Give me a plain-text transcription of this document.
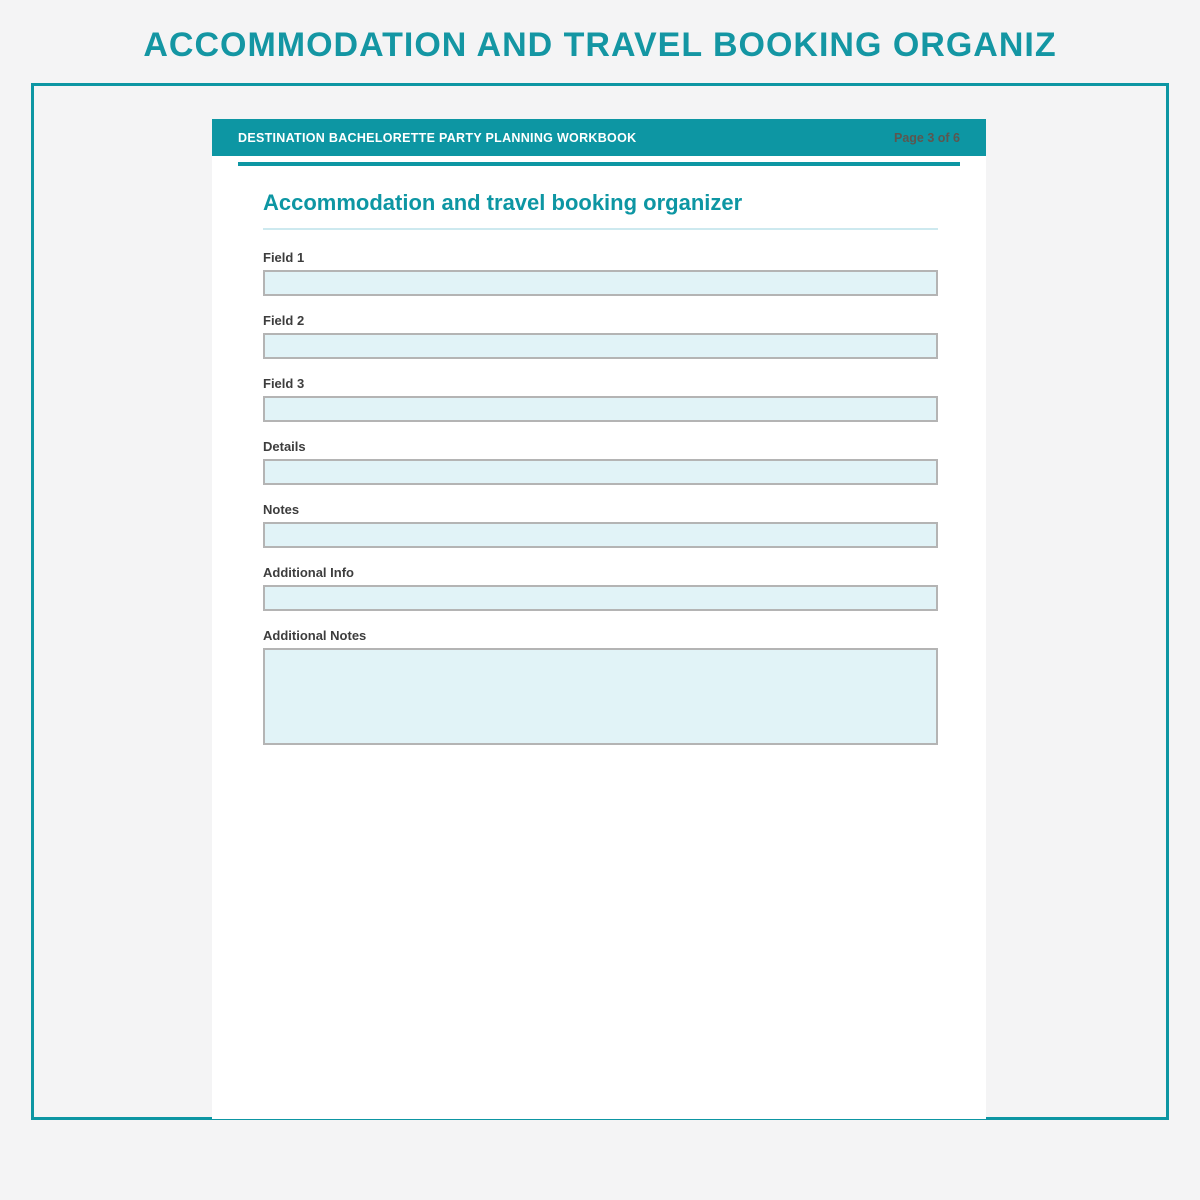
ACCOMMODATION AND TRAVEL BOOKING ORGANIZ
DESTINATION BACHELORETTE PARTY PLANNING WORKBOOK	Page 3 of 6
Accommodation and travel booking organizer
Field 1
Field 2
Field 3
Details
Notes
Additional Info
Additional Notes
